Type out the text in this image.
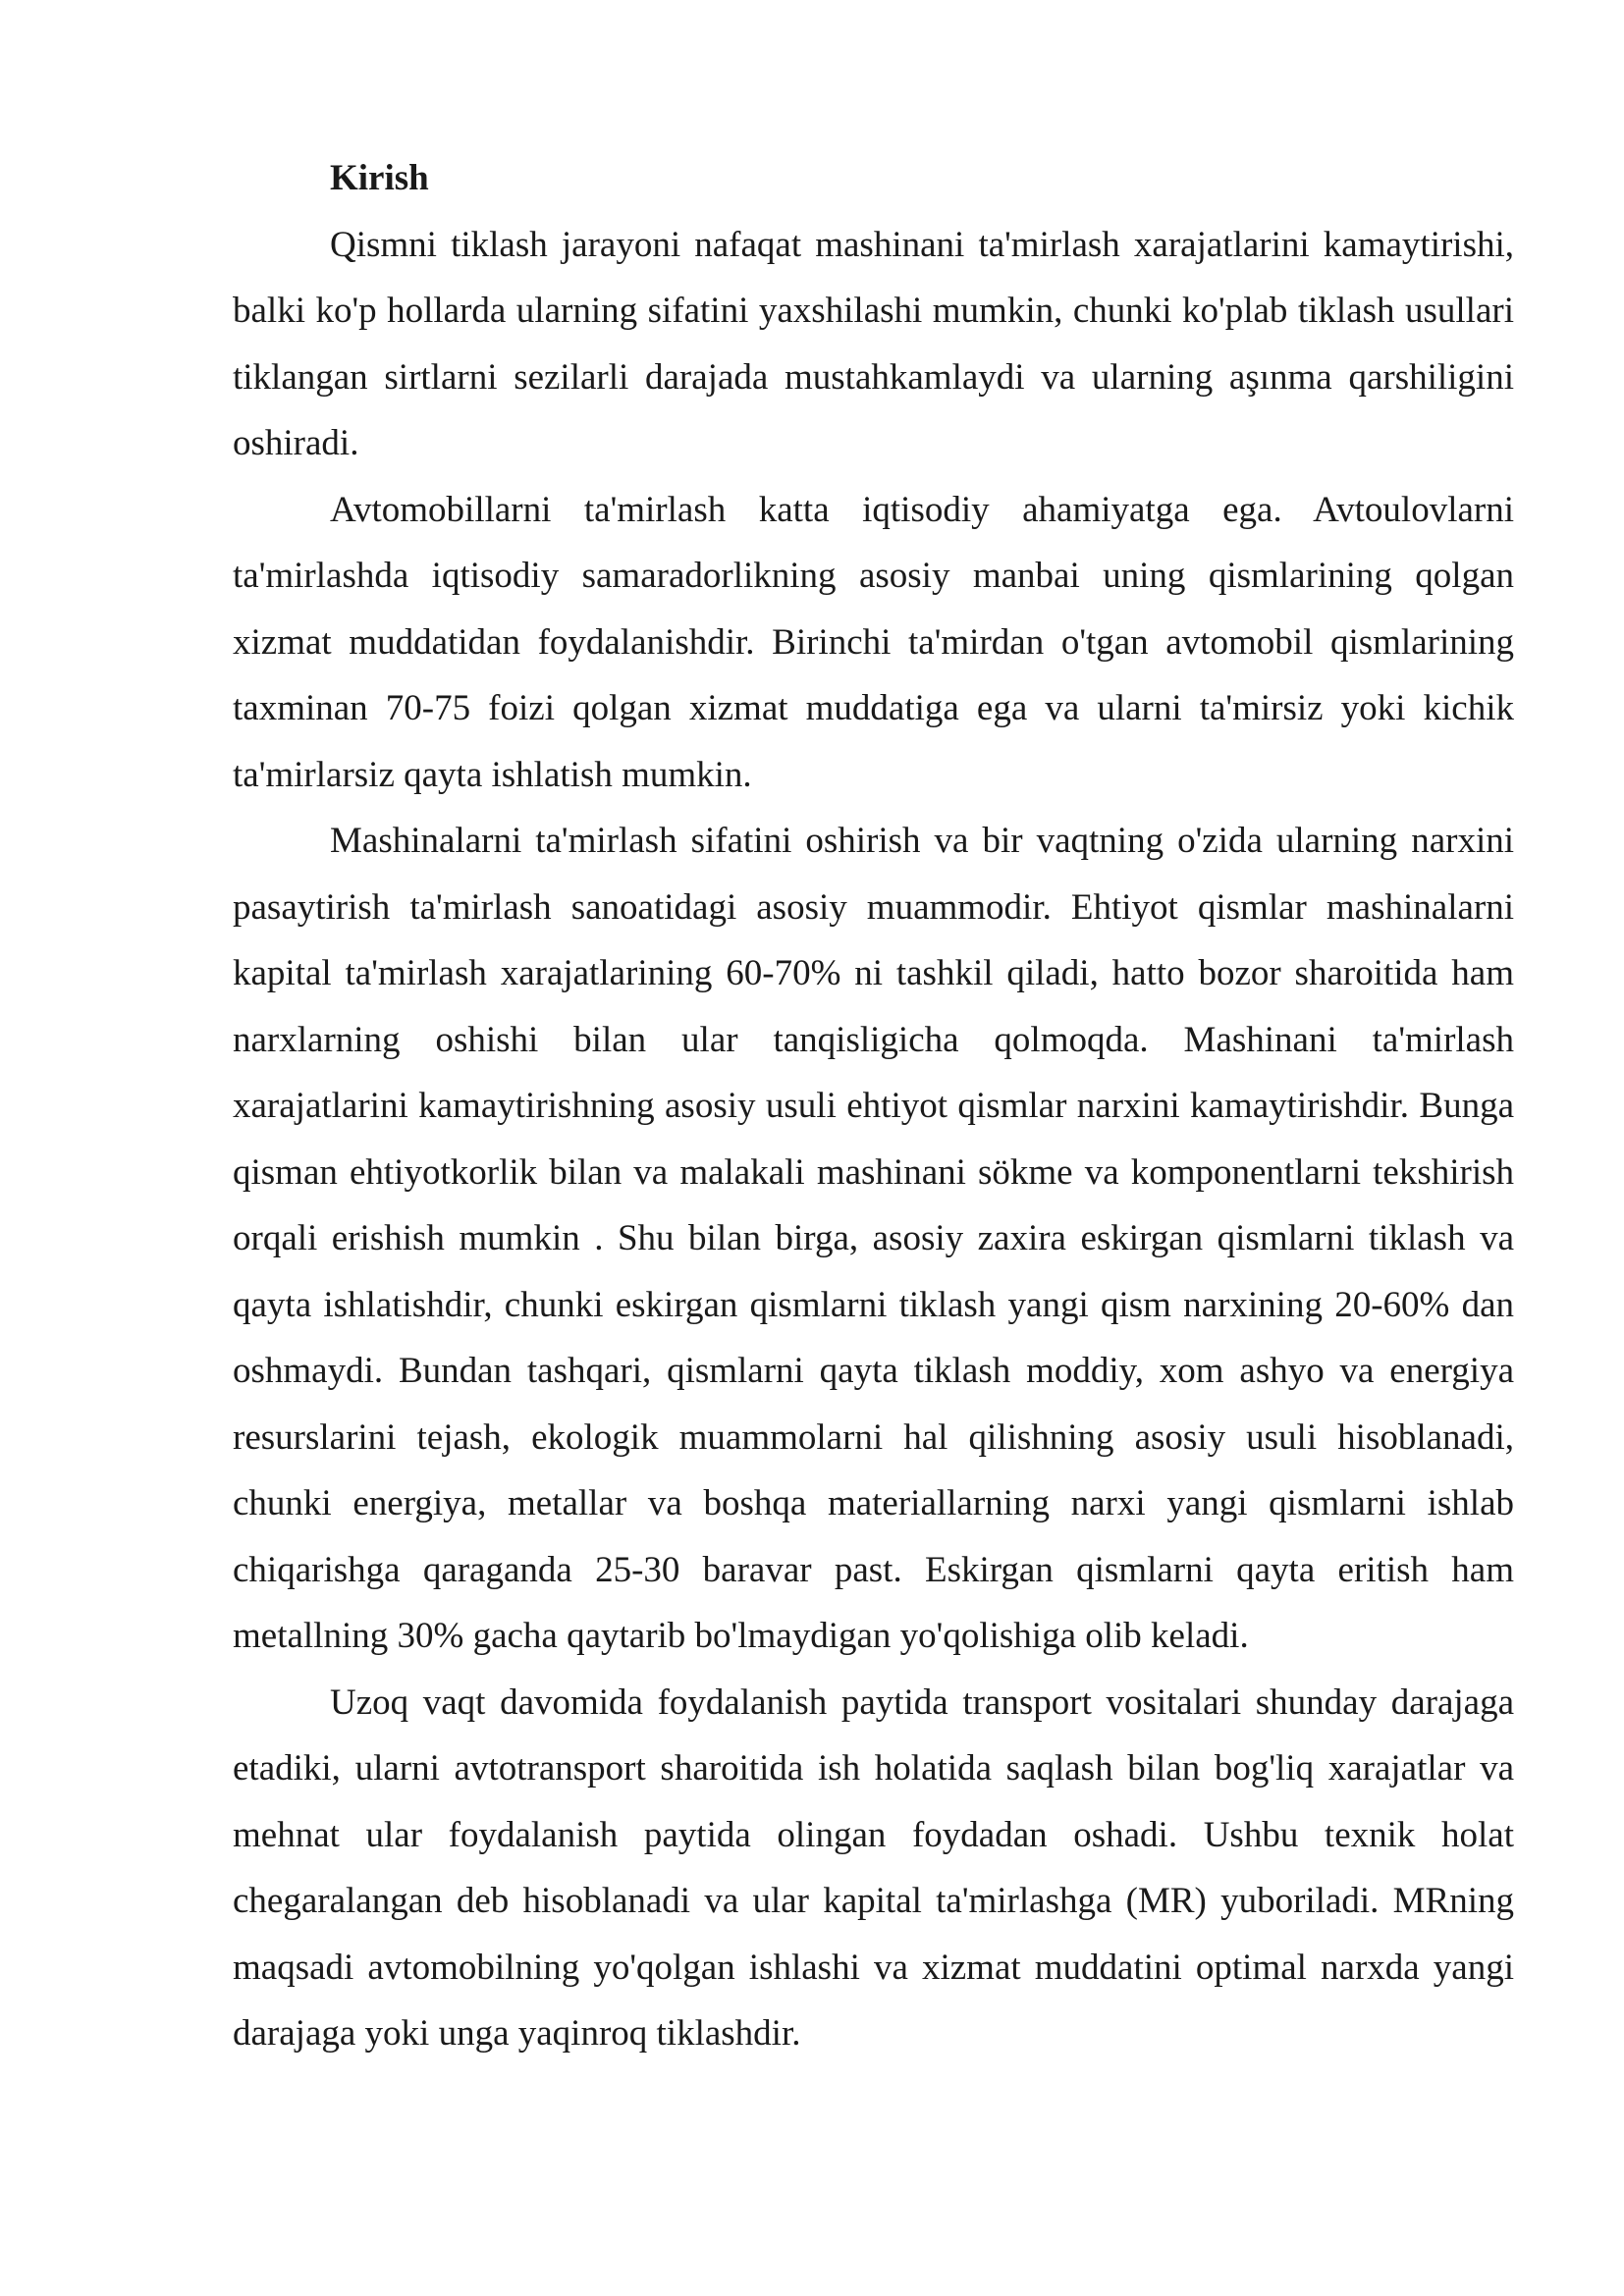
Kirish

Qismni tiklash jarayoni nafaqat mashinani ta'mirlash xarajatlarini kamaytirishi, balki ko'p hollarda ularning sifatini yaxshilashi mumkin, chunki ko'plab tiklash usullari tiklangan sirtlarni sezilarli darajada mustahkamlaydi va ularning aşınma qarshiligini oshiradi.

Avtomobillarni ta'mirlash katta iqtisodiy ahamiyatga ega. Avtoulovlarni ta'mirlashda iqtisodiy samaradorlikning asosiy manbai uning qismlarining qolgan xizmat muddatidan foydalanishdir. Birinchi ta'mirdan o'tgan avtomobil qismlarining taxminan 70-75 foizi qolgan xizmat muddatiga ega va ularni ta'mirsiz yoki kichik ta'mirlarsiz qayta ishlatish mumkin.

Mashinalarni ta'mirlash sifatini oshirish va bir vaqtning o'zida ularning narxini pasaytirish ta'mirlash sanoatidagi asosiy muammodir. Ehtiyot qismlar mashinalarni kapital ta'mirlash xarajatlarining 60-70% ni tashkil qiladi, hatto bozor sharoitida ham narxlarning oshishi bilan ular tanqisligicha qolmoqda. Mashinani ta'mirlash xarajatlarini kamaytirishning asosiy usuli ehtiyot qismlar narxini kamaytirishdir. Bunga qisman ehtiyotkorlik bilan va malakali mashinani sökme va komponentlarni tekshirish orqali erishish mumkin . Shu bilan birga, asosiy zaxira eskirgan qismlarni tiklash va qayta ishlatishdir, chunki eskirgan qismlarni tiklash yangi qism narxining 20-60% dan oshmaydi. Bundan tashqari, qismlarni qayta tiklash moddiy, xom ashyo va energiya resurslarini tejash, ekologik muammolarni hal qilishning asosiy usuli hisoblanadi, chunki energiya, metallar va boshqa materiallarning narxi yangi qismlarni ishlab chiqarishga qaraganda 25-30 baravar past. Eskirgan qismlarni qayta eritish ham metallning 30% gacha qaytarib bo'lmaydigan yo'qolishiga olib keladi.

Uzoq vaqt davomida foydalanish paytida transport vositalari shunday darajaga etadiki, ularni avtotransport sharoitida ish holatida saqlash bilan bog'liq xarajatlar va mehnat ular foydalanish paytida olingan foydadan oshadi. Ushbu texnik holat chegaralangan deb hisoblanadi va ular kapital ta'mirlashga (MR) yuboriladi. MRning maqsadi avtomobilning yo'qolgan ishlashi va xizmat muddatini optimal narxda yangi darajaga yoki unga yaqinroq tiklashdir.
